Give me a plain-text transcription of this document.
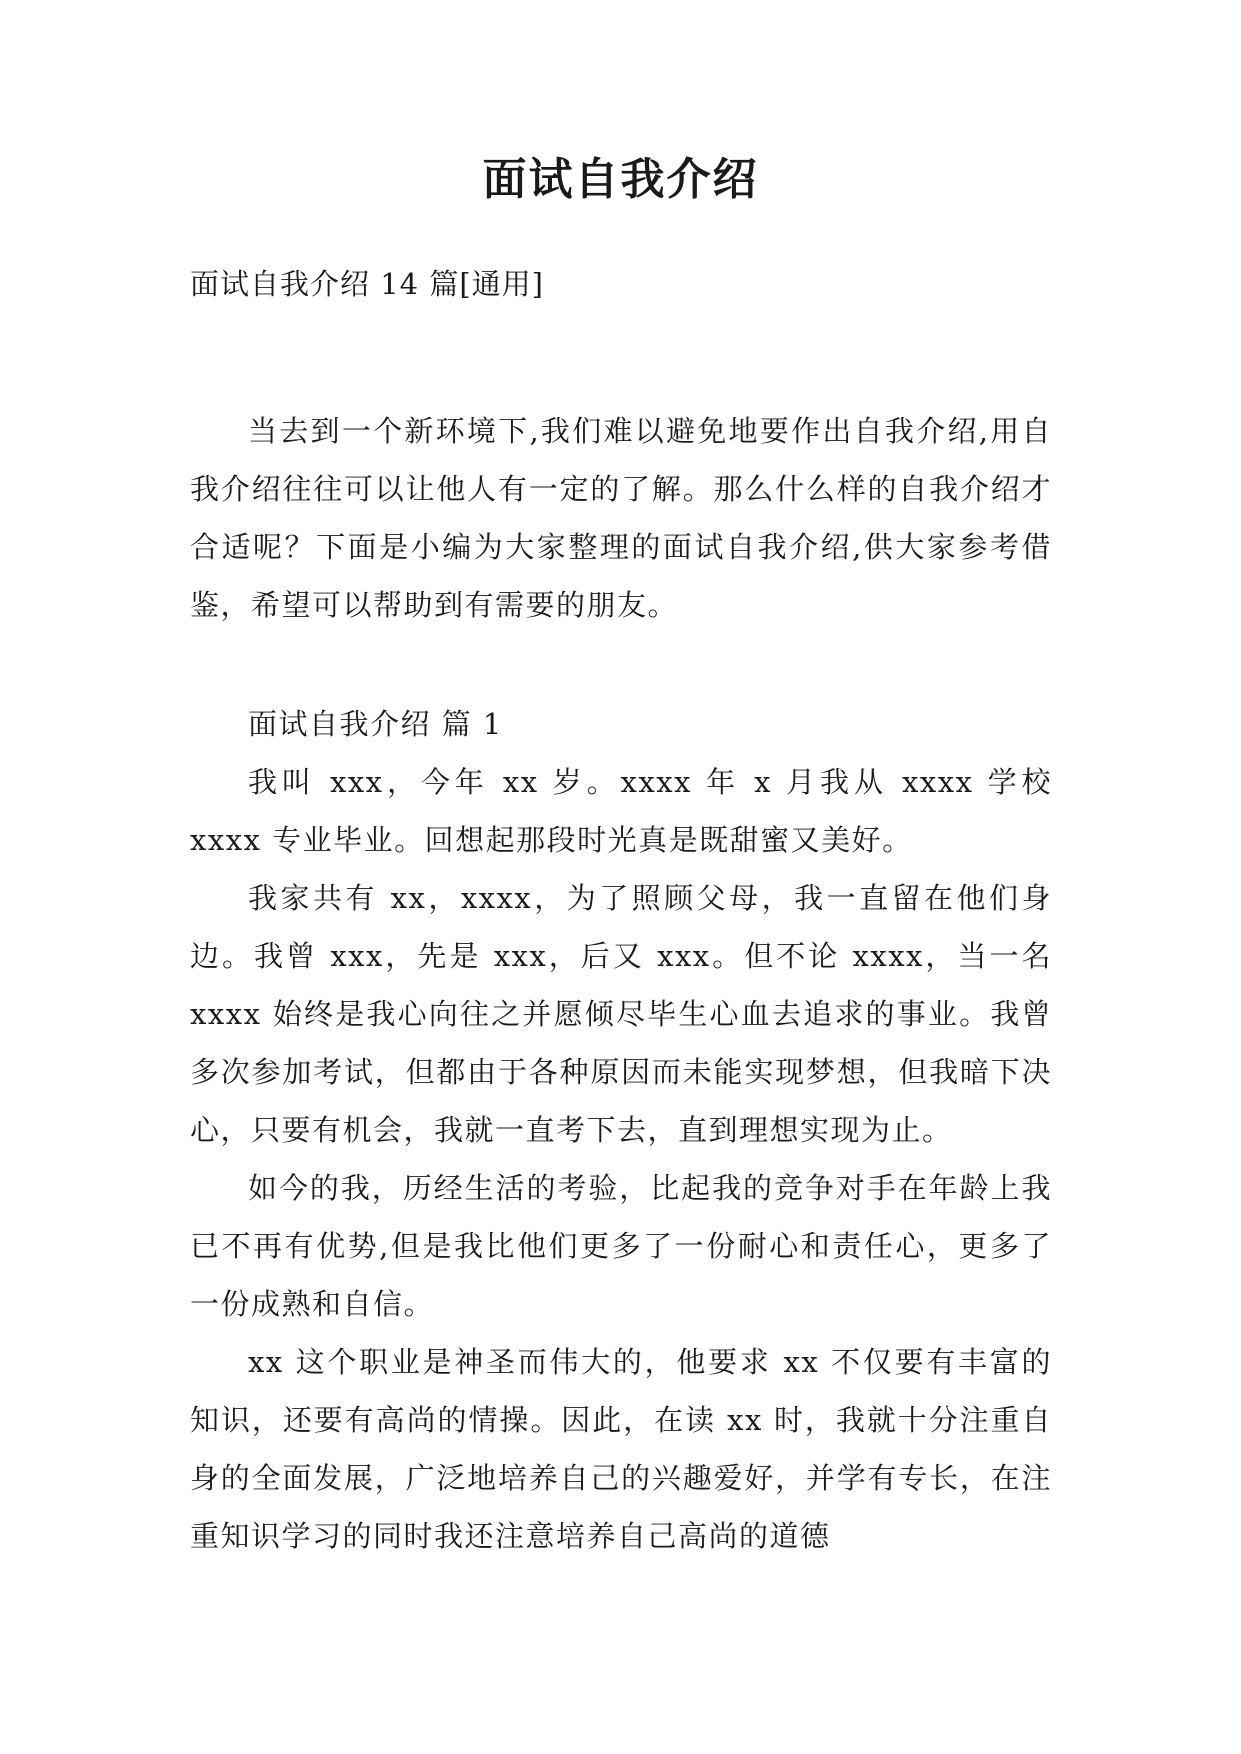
面试自我介绍
面试自我介绍 14 篇[通用]

当去到一个新环境下,我们难以避免地要作出自我介绍,用自我介绍往往可以让他人有一定的了解。那么什么样的自我介绍才合适呢？下面是小编为大家整理的面试自我介绍,供大家参考借鉴，希望可以帮助到有需要的朋友。

面试自我介绍 篇 1

我叫 xxx，今年 xx 岁。xxxx 年 x 月我从 xxxx 学校 xxxx 专业毕业。回想起那段时光真是既甜蜜又美好。

我家共有 xx，xxxx，为了照顾父母，我一直留在他们身边。我曾 xxx，先是 xxx，后又 xxx。但不论 xxxx，当一名 xxxx 始终是我心向往之并愿倾尽毕生心血去追求的事业。我曾多次参加考试，但都由于各种原因而未能实现梦想，但我暗下决心，只要有机会，我就一直考下去，直到理想实现为止。

如今的我，历经生活的考验，比起我的竞争对手在年龄上我已不再有优势,但是我比他们更多了一份耐心和责任心，更多了一份成熟和自信。

xx 这个职业是神圣而伟大的，他要求 xx 不仅要有丰富的知识，还要有高尚的情操。因此，在读 xx 时，我就十分注重自身的全面发展，广泛地培养自己的兴趣爱好，并学有专长，在注重知识学习的同时我还注意培养自己高尚的道德
